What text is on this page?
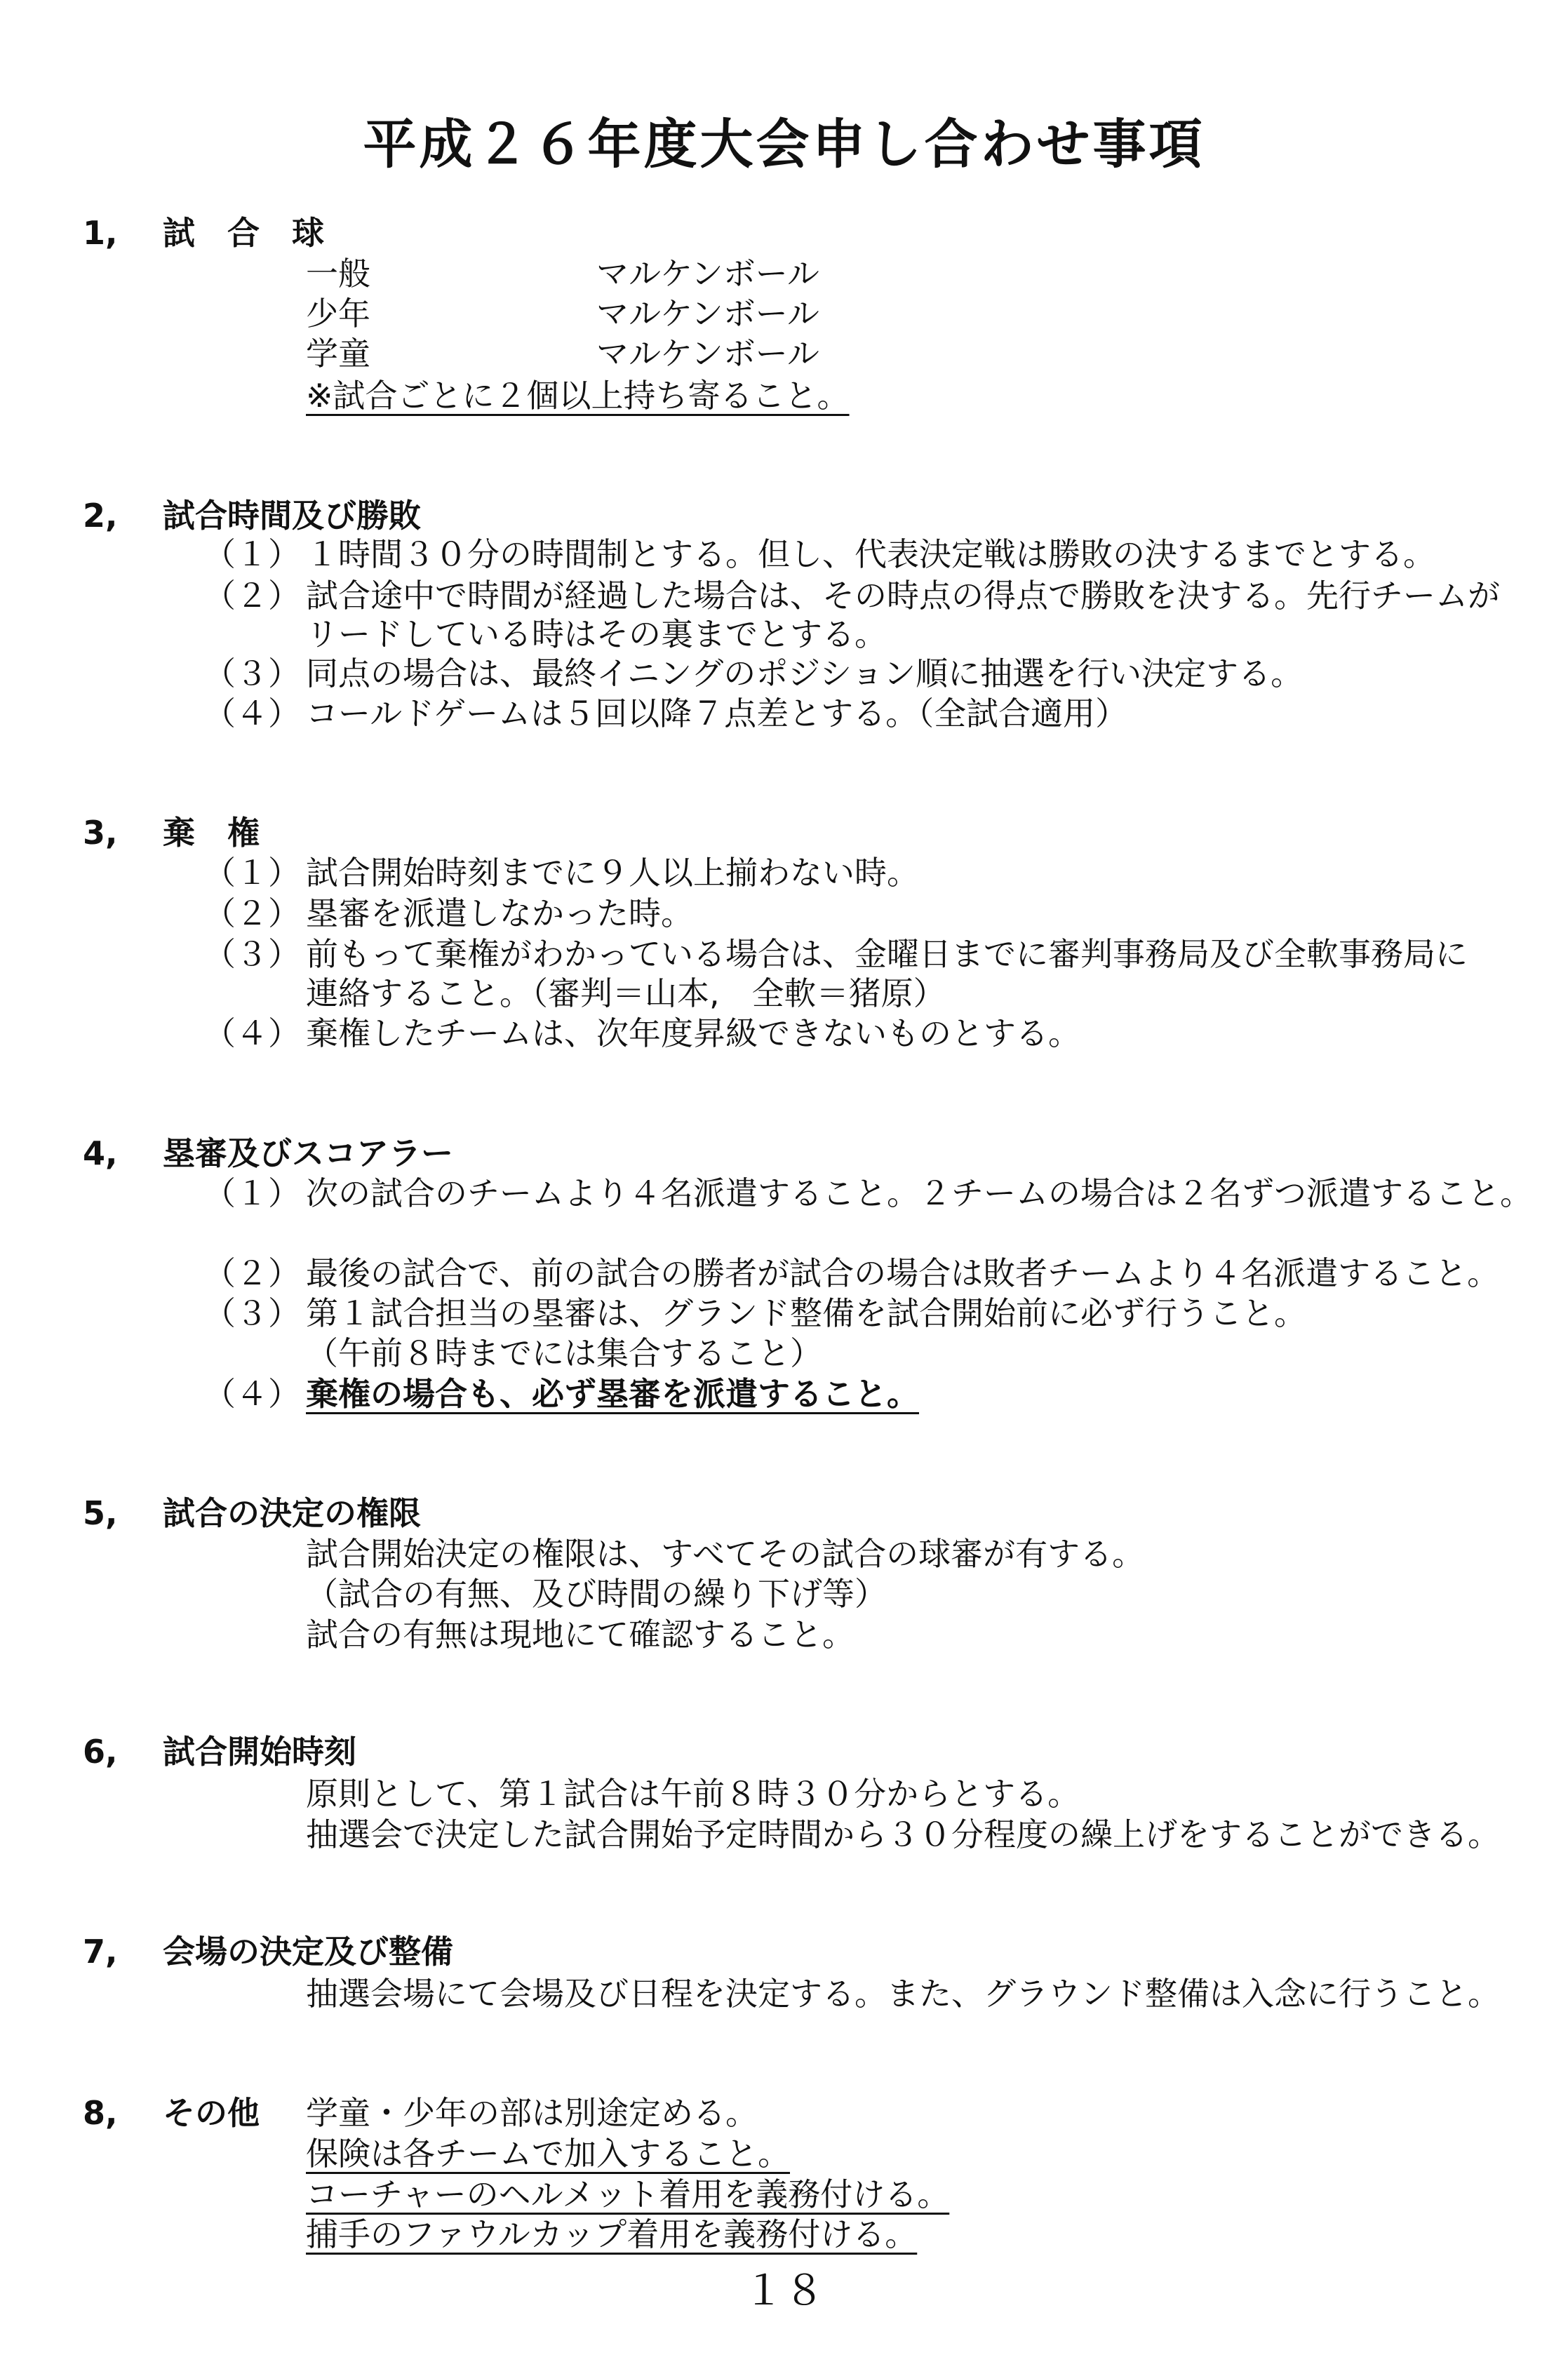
平成２６年度大会申し合わせ事項
1, 試　合　球
一般	マルケンボール
少年	マルケンボール
学童	マルケンボール
※試合ごとに２個以上持ち寄ること。
2, 試合時間及び勝敗
（１） １時間３０分の時間制とする。但し、代表決定戦は勝敗の決するまでとする。
（２） 試合途中で時間が経過した場合は、その時点の得点で勝敗を決する。先行チームが
リードしている時はその裏までとする。
（３） 同点の場合は、最終イニングのポジション順に抽選を行い決定する。
（４） コールドゲームは５回以降７点差とする。（全試合適用）
3, 棄　権
（１） 試合開始時刻までに９人以上揃わない時。
（２） 塁審を派遣しなかった時。
（３） 前もって棄権がわかっている場合は、金曜日までに審判事務局及び全軟事務局に
連絡すること。（審判＝山本,　全軟＝猪原）
（４） 棄権したチームは、次年度昇級できないものとする。
4, 塁審及びスコアラー
（１） 次の試合のチームより４名派遣すること。２チームの場合は２名ずつ派遣すること。
（２） 最後の試合で、前の試合の勝者が試合の場合は敗者チームより４名派遣すること。
（３） 第１試合担当の塁審は、グランド整備を試合開始前に必ず行うこと。
（午前８時までには集合すること）
（４） 棄権の場合も、必ず塁審を派遣すること。
5, 試合の決定の権限
試合開始決定の権限は、すべてその試合の球審が有する。
（試合の有無、及び時間の繰り下げ等）
試合の有無は現地にて確認すること。
6, 試合開始時刻
原則として、第１試合は午前８時３０分からとする。
抽選会で決定した試合開始予定時間から３０分程度の繰上げをすることができる。
7, 会場の決定及び整備
抽選会場にて会場及び日程を決定する。また、グラウンド整備は入念に行うこと。
8, その他 学童・少年の部は別途定める。
保険は各チームで加入すること。
コーチャーのヘルメット着用を義務付ける。
捕手のファウルカップ着用を義務付ける。
１８
